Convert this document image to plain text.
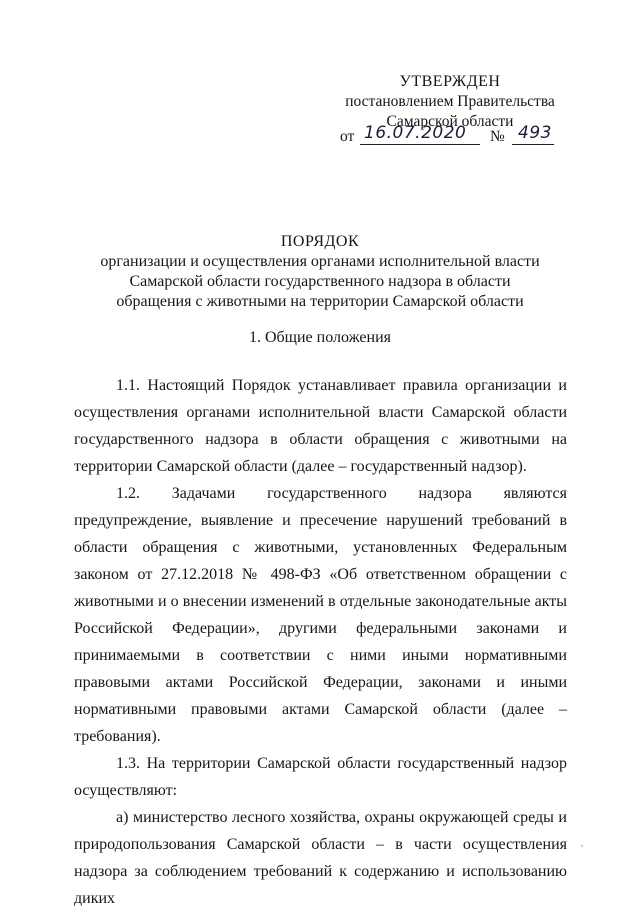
УТВЕРЖДЕН
постановлением Правительства
Самарской области
от 16.07.2020 № 493
ПОРЯДОК
организации и осуществления органами исполнительной власти
Самарской области государственного надзора в области
обращения с животными на территории Самарской области
1. Общие положения

1.1. Настоящий Порядок устанавливает правила организации и осуществления органами исполнительной власти Самарской области государственного надзора в области обращения с животными на территории Самарской области (далее – государственный надзор).

1.2. Задачами государственного надзора являются предупреждение, выявление и пресечение нарушений требований в области обращения с животными, установленных Федеральным законом от 27.12.2018 № 498-ФЗ «Об ответственном обращении с животными и о внесении изменений в отдельные законодательные акты Российской Федерации», другими федеральными законами и принимаемыми в соответствии с ними иными нормативными правовыми актами Российской Федерации, законами и иными нормативными правовыми актами Самарской области (далее – требования).

1.3. На территории Самарской области государственный надзор осуществляют:

а) министерство лесного хозяйства, охраны окружающей среды и природопользования Самарской области – в части осуществления надзора за соблюдением требований к содержанию и использованию диких

,
